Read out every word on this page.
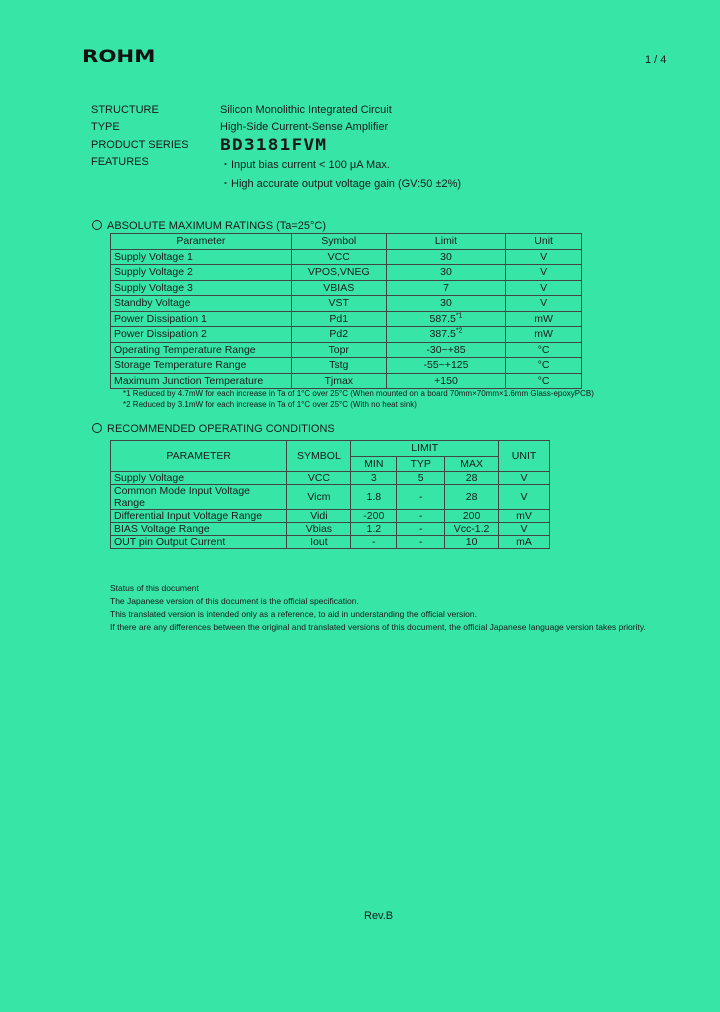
ROHM	1 / 4
STRUCTURE	Silicon Monolithic Integrated Circuit
TYPE	High-Side Current-Sense Amplifier
PRODUCT SERIES BD3181FVM
FEATURES	・Input bias current < 100 μA Max.
・High accurate output voltage gain (GV:50 ±2%)
ABSOLUTE MAXIMUM RATINGS (Ta=25°C)
Parameter	Symbol	Limit	Unit
Supply Voltage 1	VCC	30	V
Supply Voltage 2	VPOS,VNEG	30	V
Supply Voltage 3	VBIAS	7	V
Standby Voltage	VST	30	V
Power Dissipation 1	Pd1	587.5$^{*1}$	mW
Power Dissipation 2	Pd2	387.5$^{*2}$	mW
Operating Temperature Range	Topr	-30~+85	°C
Storage Temperature Range	Tstg	-55~+125	°C
Maximum Junction Temperature	Tjmax	+150	°C
*1 Reduced by 4.7mW for each increase in Ta of 1°C over 25°C (When mounted on a board 70mm×70mm×1.6mm Glass-epoxyPCB)
*2 Reduced by 3.1mW for each increase in Ta of 1°C over 25°C (With no heat sink)
RECOMMENDED OPERATING CONDITIONS
PARAMETER	SYMBOL	LIMIT			UNIT
		MIN	TYP	MAX	
Supply Voltage	VCC	3	5	28	V
Common Mode Input Voltage Range	Vicm	1.8	-	28	V
Differential Input Voltage Range	Vidi	-200	-	200	mV
BIAS Voltage Range	Vbias	1.2	-	Vcc-1.2	V
OUT pin Output Current	Iout	-	-	10	mA
Status of this document
The Japanese version of this document is the official specification.
This translated version is intended only as a reference, to aid in understanding the official version.
If there are any differences between the original and translated versions of this document, the official Japanese language version takes priority.
Rev.B
